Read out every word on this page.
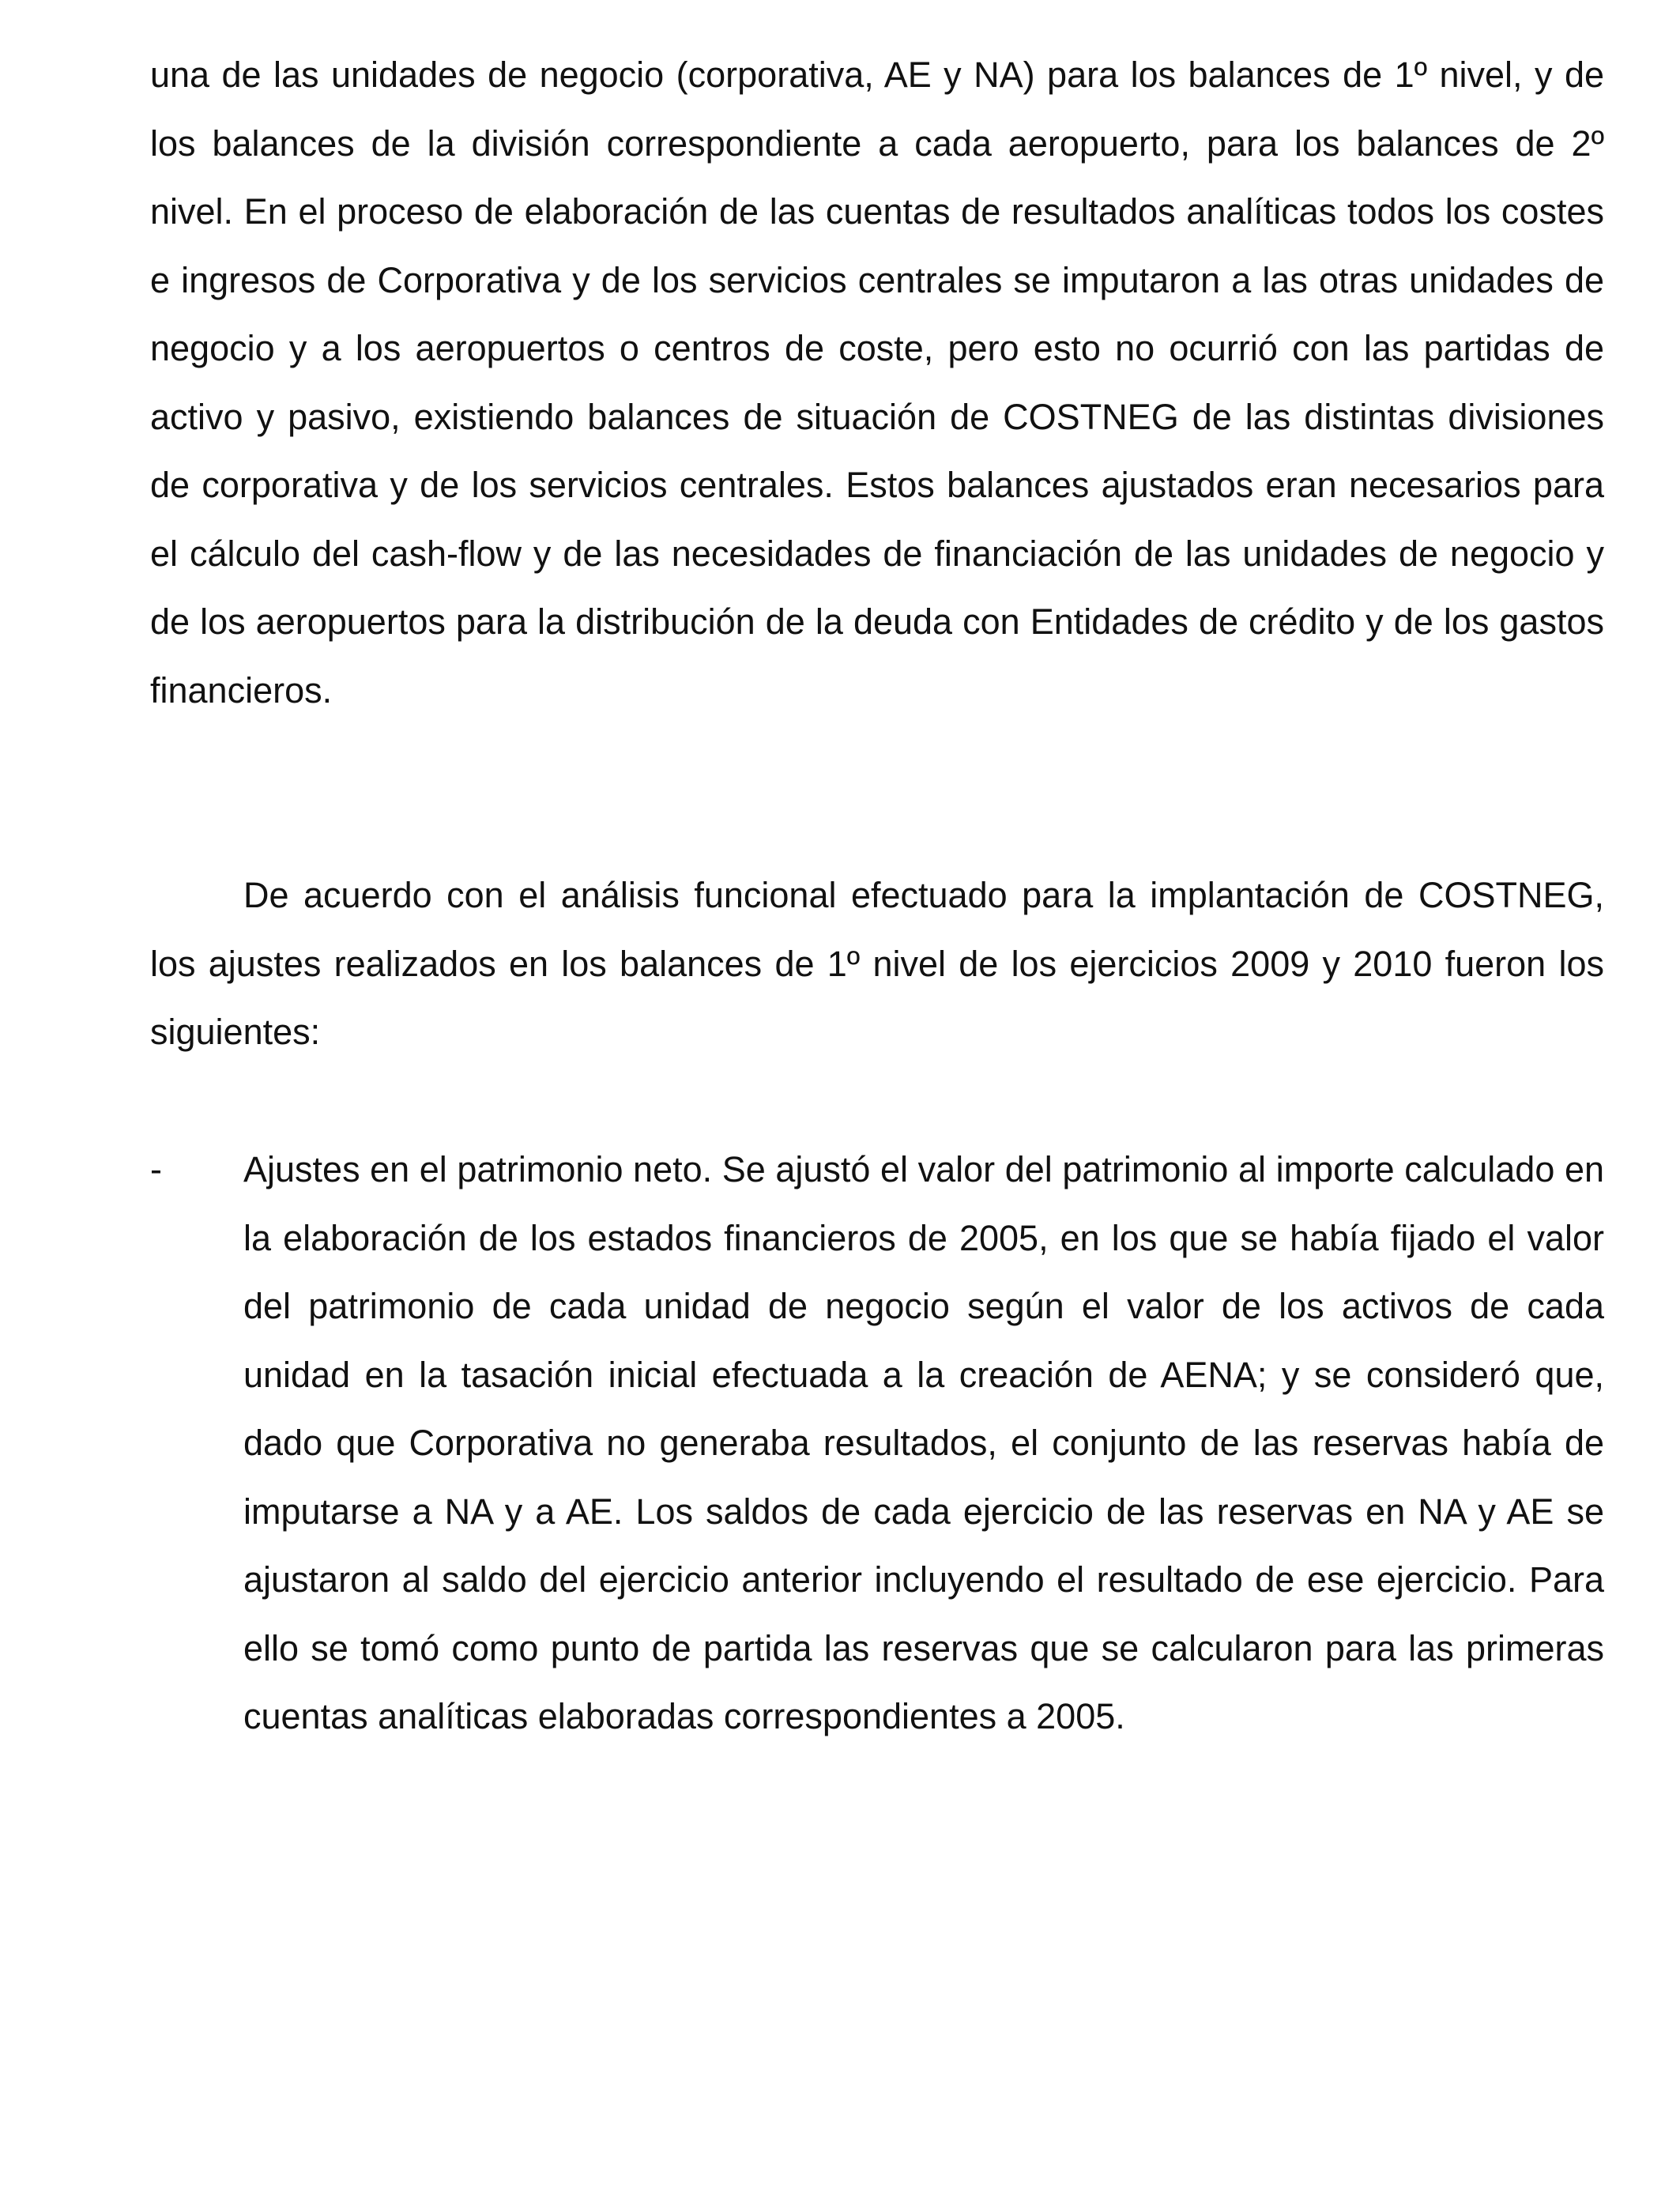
una de las unidades de negocio (corporativa, AE y NA) para los balances de 1º nivel, y de los balances de la división correspondiente a cada aeropuerto, para los balances de 2º nivel. En el proceso de elaboración de las cuentas de resultados analíticas todos los costes e ingresos de Corporativa y de los servicios centrales se imputaron a las otras unidades de negocio y a los aeropuertos o centros de coste, pero esto no ocurrió con las partidas de activo y pasivo, existiendo balances de situación de COSTNEG de las distintas divisiones de corporativa y de los servicios centrales. Estos balances ajustados eran necesarios para el cálculo del cash-flow y de las necesidades de financiación de las unidades de negocio y de los aeropuertos para la distribución de la deuda con Entidades de crédito y de los gastos financieros.

De acuerdo con el análisis funcional efectuado para la implantación de COSTNEG, los ajustes realizados en los balances de 1º nivel de los ejercicios 2009 y 2010 fueron los siguientes:

- Ajustes en el patrimonio neto. Se ajustó el valor del patrimonio al importe calculado en la elaboración de los estados financieros de 2005, en los que se había fijado el valor del patrimonio de cada unidad de negocio según el valor de los activos de cada unidad en la tasación inicial efectuada a la creación de AENA; y se consideró que, dado que Corporativa no generaba resultados, el conjunto de las reservas había de imputarse a NA y a AE. Los saldos de cada ejercicio de las reservas en NA y AE se ajustaron al saldo del ejercicio anterior incluyendo el resultado de ese ejercicio. Para ello se tomó como punto de partida las reservas que se calcularon para las primeras cuentas analíticas elaboradas correspondientes a 2005.
